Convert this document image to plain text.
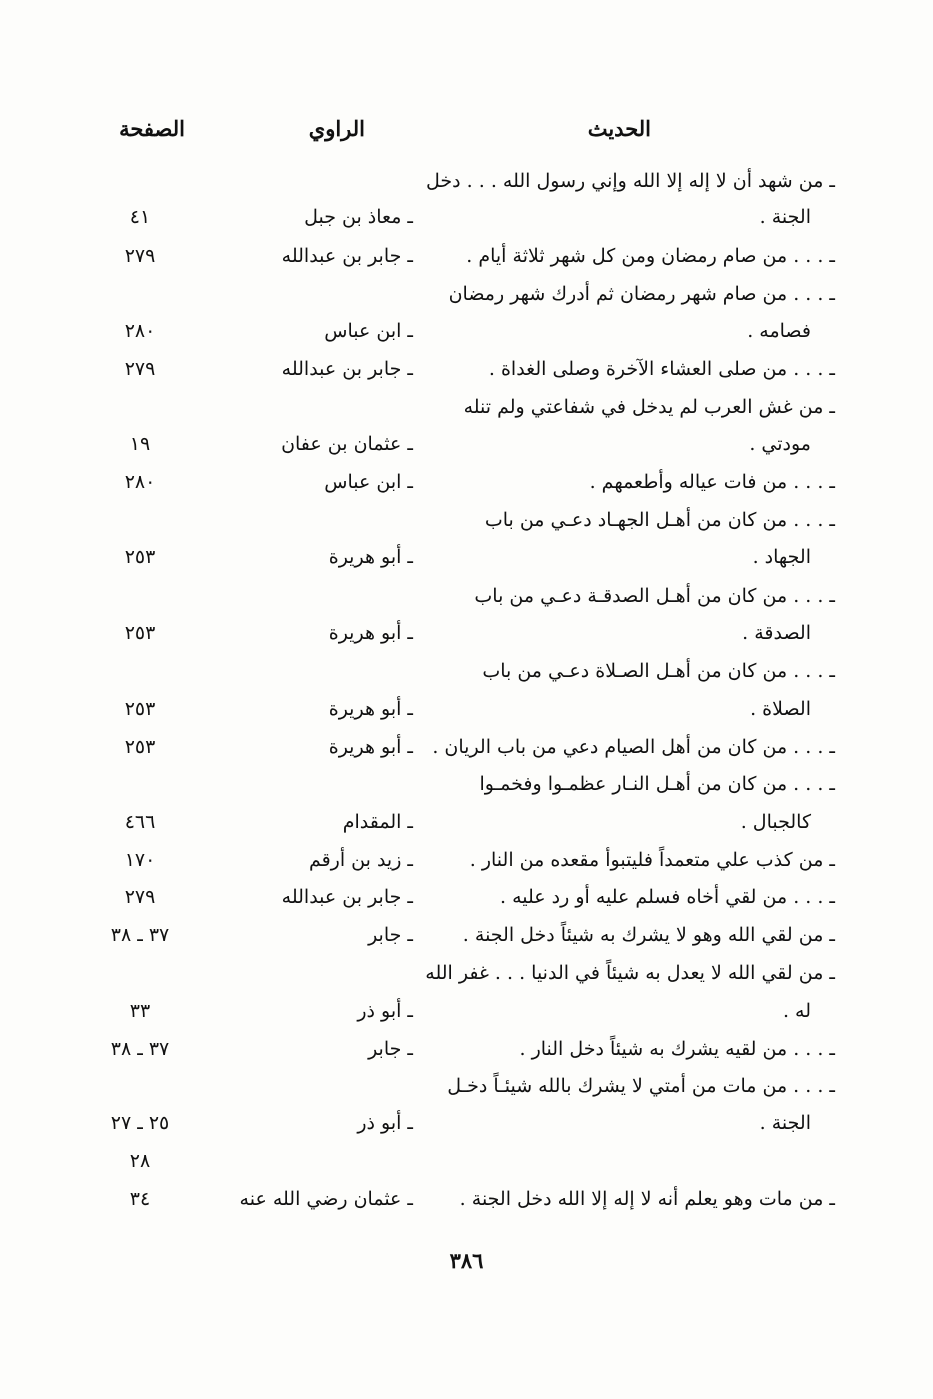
الحديث
الراوي
الصفحة
ـ من شهد أن لا إله إلا الله وإني رسول الله . . . دخل
الجنة .
ـ معاذ بن جبل
٤١
ـ . . . من صام رمضان ومن كل شهر ثلاثة أيام .
ـ جابر بن عبدالله
٢٧٩
ـ . . . من صام شهر رمضان ثم أدرك شهر رمضان
فصامه .
ـ ابن عباس
٢٨٠
ـ . . . من صلى العشاء الآخرة وصلى الغداة .
ـ جابر بن عبدالله
٢٧٩
ـ من غش العرب لم يدخل في شفاعتي ولم تنله
مودتي .
ـ عثمان بن عفان
١٩
ـ . . . من فات عياله وأطعمهم .
ـ ابن عباس
٢٨٠
ـ . . . من كان من أهـل الجهـاد دعـي من باب
الجهاد .
ـ أبو هريرة
٢٥٣
ـ . . . من كان من أهـل الصدقـة دعـي من باب
الصدقة .
ـ أبو هريرة
٢٥٣
ـ . . . من كان من أهـل الصـلاة دعـي من باب
الصلاة .
ـ أبو هريرة
٢٥٣
ـ . . . من كان من أهل الصيام دعي من باب الريان .
ـ أبو هريرة
٢٥٣
ـ . . . من كان من أهـل النـار عظمـوا وفخمـوا
كالجبال .
ـ المقدام
٤٦٦
ـ من كذب علي متعمداً فليتبوأ مقعده من النار .
ـ زيد بن أرقم
١٧٠
ـ . . . من لقي أخاه فسلم عليه أو رد عليه .
ـ جابر بن عبدالله
٢٧٩
ـ من لقي الله وهو لا يشرك به شيئاً دخل الجنة .
ـ جابر
٣٧ ـ ٣٨
ـ من لقي الله لا يعدل به شيئاً في الدنيا . . . غفر الله
له .
ـ أبو ذر
٣٣
ـ . . . من لقيه يشرك به شيئاً دخل النار .
ـ جابر
٣٧ ـ ٣٨
ـ . . . من مات من أمتي لا يشرك بالله شيئـاً دخـل
الجنة .
ـ أبو ذر
٢٥ ـ ٢٧
٢٨
ـ من مات وهو يعلم أنه لا إله إلا الله دخل الجنة .
ـ عثمان رضي الله عنه
٣٤
٣٨٦
